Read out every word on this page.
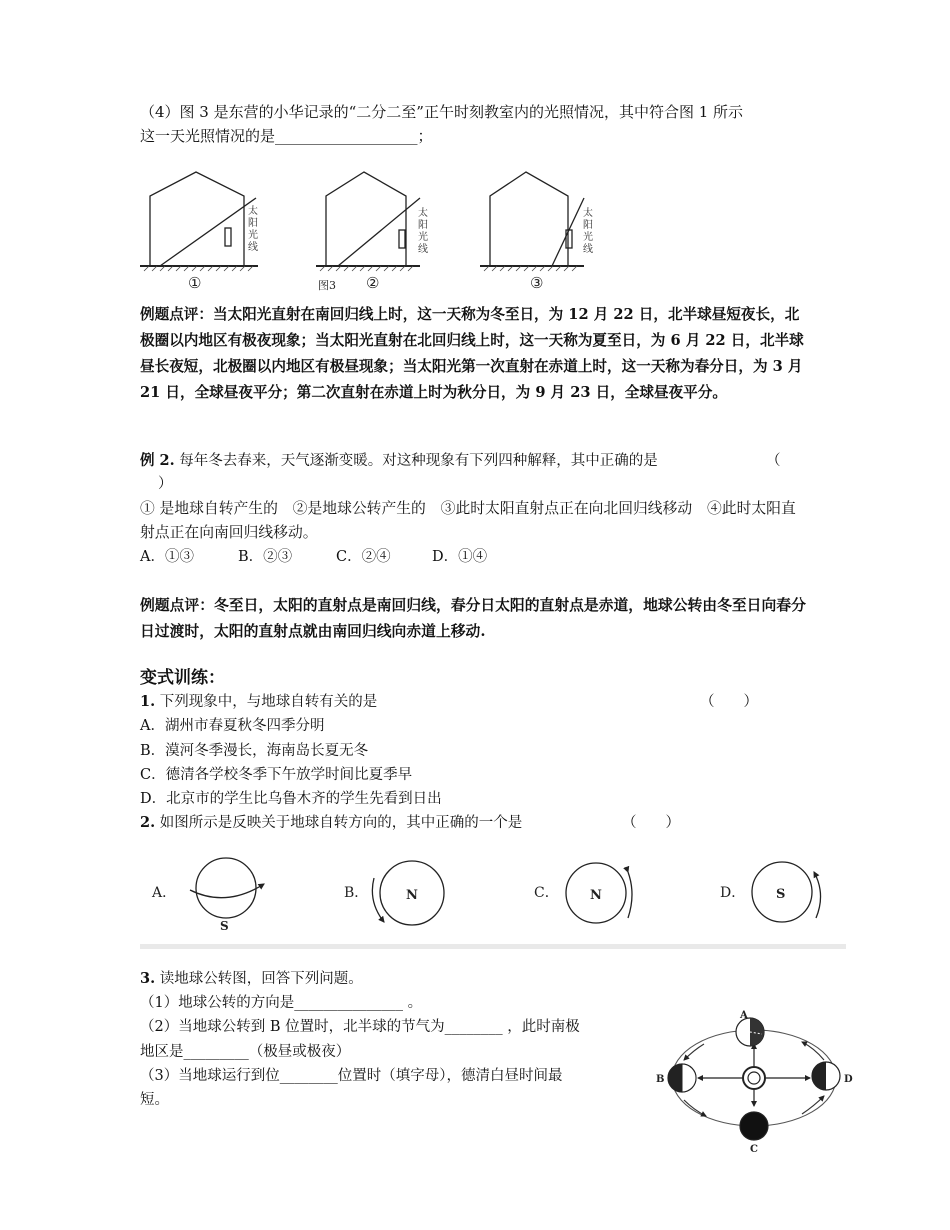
（4）图 3 是东营的小华记录的“二分二至”正午时刻教室内的光照情况，其中符合图 1 所示
这一天光照情况的是___________________；
太
阳
光
线
太
阳
光
线
太
阳
光
线
①	图3 ②	③
例题点评：当太阳光直射在南回归线上时，这一天称为冬至日，为 12 月 22 日，北半球昼短夜长，北极圈以内地区有极夜现象；当太阳光直射在北回归线上时，这一天称为夏至日，为 6 月 22 日，北半球昼长夜短，北极圈以内地区有极昼现象；当太阳光第一次直射在赤道上时，这一天称为春分日，为 3 月 21 日，全球昼夜平分；第二次直射在赤道上时为秋分日，为 9 月 23 日，全球昼夜平分。
例 2. 每年冬去春来，天气逐渐变暖。对这种现象有下列四种解释，其中正确的是	（
）
① 是地球自转产生的　②是地球公转产生的　③此时太阳直射点正在向北回归线移动　④此时太阳直射点正在向南回归线移动。
A．①③	B．②③	C．②④	D．①④
例题点评：冬至日，太阳的直射点是南回归线，春分日太阳的直射点是赤道，地球公转由冬至日向春分日过渡时，太阳的直射点就由南回归线向赤道上移动.
变式训练：
1. 下列现象中，与地球自转有关的是	（　　）
A．湖州市春夏秋冬四季分明
B．漠河冬季漫长，海南岛长夏无冬
C．德清各学校冬季下午放学时间比夏季早
D．北京市的学生比乌鲁木齐的学生先看到日出
2. 如图所示是反映关于地球自转方向的，其中正确的一个是	（　　）
A．
S
B．	N	C． N	D． S
3. 读地球公转图，回答下列问题。
（1）地球公转的方向是_______________ 。
（2）当地球公转到 B 位置时，北半球的节气为________ ，此时南极
地区是_________（极昼或极夜）
（3）当地球运行到位________位置时（填字母），德清白昼时间最
短。
A
B
C
D
